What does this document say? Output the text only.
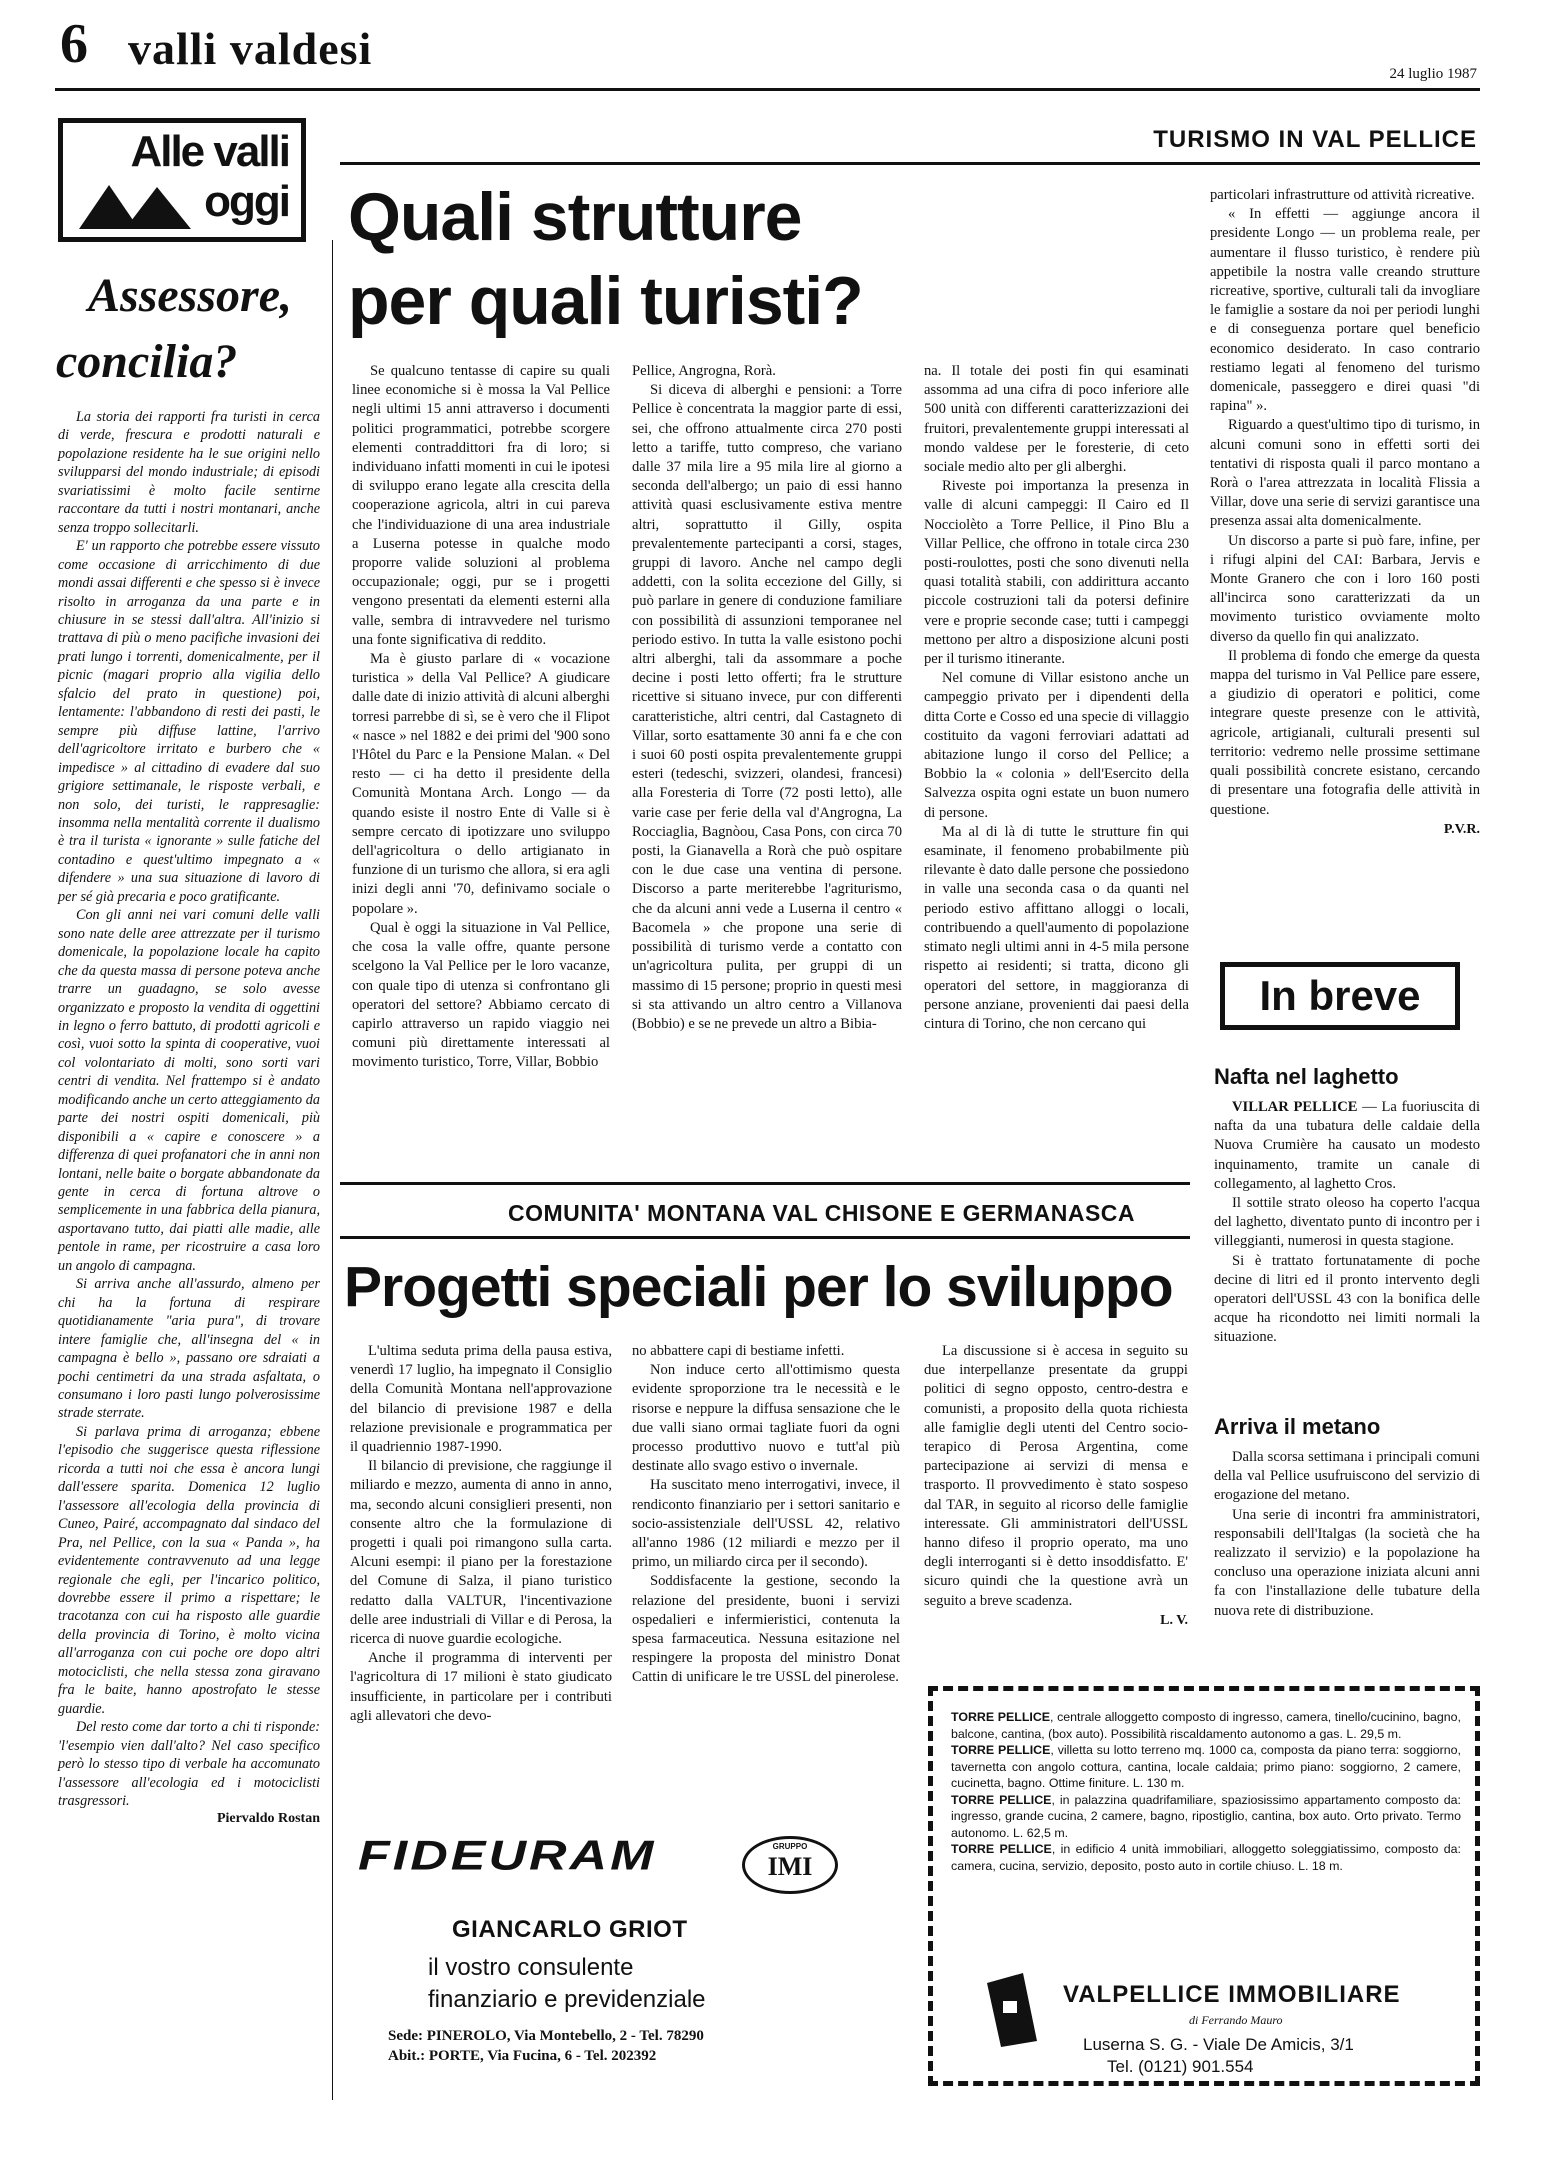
6 valli valdesi	24 luglio 1987
Alle valli
oggi
Assessore,
concilia?

La storia dei rapporti fra turisti in cerca di verde, frescura e prodotti naturali e popolazione residente ha le sue origini nello svilupparsi del mondo industriale; di episodi svariatissimi è molto facile sentirne raccontare da tutti i nostri montanari, anche senza troppo sollecitarli.

E' un rapporto che potrebbe essere vissuto come occasione di arricchimento di due mondi assai differenti e che spesso si è invece risolto in arroganza da una parte e in chiusure in se stessi dall'altra. All'inizio si trattava di più o meno pacifiche invasioni dei prati lungo i torrenti, domenicalmente, per il picnic (magari proprio alla vigilia dello sfalcio del prato in questione) poi, lentamente: l'abbandono di resti dei pasti, le sempre più diffuse lattine, l'arrivo dell'agricoltore irritato e burbero che « impedisce » al cittadino di evadere dal suo grigiore settimanale, le risposte verbali, e non solo, dei turisti, le rappresaglie: insomma nella mentalità corrente il dualismo è tra il turista « ignorante » sulle fatiche del contadino e quest'ultimo impegnato a « difendere » una sua situazione di lavoro di per sé già precaria e poco gratificante.

Con gli anni nei vari comuni delle valli sono nate delle aree attrezzate per il turismo domenicale, la popolazione locale ha capito che da questa massa di persone poteva anche trarre un guadagno, se solo avesse organizzato e proposto la vendita di oggettini in legno o ferro battuto, di prodotti agricoli e così, vuoi sotto la spinta di cooperative, vuoi col volontariato di molti, sono sorti vari centri di vendita. Nel frattempo si è andato modificando anche un certo atteggiamento da parte dei nostri ospiti domenicali, più disponibili a « capire e conoscere » a differenza di quei profanatori che in anni non lontani, nelle baite o borgate abbandonate da gente in cerca di fortuna altrove o semplicemente in una fabbrica della pianura, asportavano tutto, dai piatti alle madie, alle pentole in rame, per ricostruire a casa loro un angolo di campagna.

Si arriva anche all'assurdo, almeno per chi ha la fortuna di respirare quotidianamente "aria pura", di trovare intere famiglie che, all'insegna del « in campagna è bello », passano ore sdraiati a pochi centimetri da una strada asfaltata, o consumano i loro pasti lungo polverosissime strade sterrate.

Si parlava prima di arroganza; ebbene l'episodio che suggerisce questa riflessione ricorda a tutti noi che essa è ancora lungi dall'essere sparita. Domenica 12 luglio l'assessore all'ecologia della provincia di Cuneo, Pairé, accompagnato dal sindaco del Pra, nel Pellice, con la sua « Panda », ha evidentemente contravvenuto ad una legge regionale che egli, per l'incarico politico, dovrebbe essere il primo a rispettare; le tracotanza con cui ha risposto alle guardie della provincia di Torino, è molto vicina all'arroganza con cui poche ore dopo altri motociclisti, che nella stessa zona giravano fra le baite, hanno apostrofato le stesse guardie.

Del resto come dar torto a chi ti risponde: 'l'esempio vien dall'alto? Nel caso specifico però lo stesso tipo di verbale ha accomunato l'assessore all'ecologia ed i motociclisti trasgressori.

Piervaldo Rostan
TURISMO IN VAL PELLICE
Quali strutture
per quali turisti?

Se qualcuno tentasse di capire su quali linee economiche si è mossa la Val Pellice negli ultimi 15 anni attraverso i documenti politici programmatici, potrebbe scorgere elementi contraddittori fra di loro; si individuano infatti momenti in cui le ipotesi di sviluppo erano legate alla crescita della cooperazione agricola, altri in cui pareva che l'individuazione di una area industriale a Luserna potesse in qualche modo proporre valide soluzioni al problema occupazionale; oggi, pur se i progetti vengono presentati da elementi esterni alla valle, sembra di intravvedere nel turismo una fonte significativa di reddito.

Ma è giusto parlare di « vocazione turistica » della Val Pellice? A giudicare dalle date di inizio attività di alcuni alberghi torresi parrebbe di sì, se è vero che il Flipot « nasce » nel 1882 e dei primi del '900 sono l'Hôtel du Parc e la Pensione Malan. « Del resto — ci ha detto il presidente della Comunità Montana Arch. Longo — da quando esiste il nostro Ente di Valle si è sempre cercato di ipotizzare uno sviluppo dell'agricoltura o dello artigianato in funzione di un turismo che allora, si era agli inizi degli anni '70, definivamo sociale o popolare ».

Qual è oggi la situazione in Val Pellice, che cosa la valle offre, quante persone scelgono la Val Pellice per le loro vacanze, con quale tipo di utenza si confrontano gli operatori del settore? Abbiamo cercato di capirlo attraverso un rapido viaggio nei comuni più direttamente interessati al movimento turistico, Torre, Villar, Bobbio

Pellice, Angrogna, Rorà.

Si diceva di alberghi e pensioni: a Torre Pellice è concentrata la maggior parte di essi, sei, che offrono attualmente circa 270 posti letto a tariffe, tutto compreso, che variano dalle 37 mila lire a 95 mila lire al giorno a seconda dell'albergo; un paio di essi hanno attività quasi esclusivamente estiva mentre altri, soprattutto il Gilly, ospita prevalentemente partecipanti a corsi, stages, gruppi di lavoro. Anche nel campo degli addetti, con la solita eccezione del Gilly, si può parlare in genere di conduzione familiare con possibilità di assunzioni temporanee nel periodo estivo. In tutta la valle esistono pochi altri alberghi, tali da assommare a poche decine i posti letto offerti; fra le strutture ricettive si situano invece, pur con differenti caratteristiche, altri centri, dal Castagneto di Villar, sorto esattamente 30 anni fa e che con i suoi 60 posti ospita prevalentemente gruppi esteri (tedeschi, svizzeri, olandesi, francesi) alla Foresteria di Torre (72 posti letto), alle varie case per ferie della val d'Angrogna, La Rocciaglia, Bagnòou, Casa Pons, con circa 70 posti, la Gianavella a Rorà che può ospitare con le due case una ventina di persone. Discorso a parte meriterebbe l'agriturismo, che da alcuni anni vede a Luserna il centro « Bacomela » che propone una serie di possibilità di turismo verde a contatto con un'agricoltura pulita, per gruppi di un massimo di 15 persone; proprio in questi mesi si sta attivando un altro centro a Villanova (Bobbio) e se ne prevede un altro a Bibia-

na. Il totale dei posti fin qui esaminati assomma ad una cifra di poco inferiore alle 500 unità con differenti caratterizzazioni dei fruitori, prevalentemente gruppi interessati al mondo valdese per le foresterie, di ceto sociale medio alto per gli alberghi.

Riveste poi importanza la presenza in valle di alcuni campeggi: Il Cairo ed Il Nocciolèto a Torre Pellice, il Pino Blu a Villar Pellice, che offrono in totale circa 230 posti-roulottes, posti che sono divenuti nella quasi totalità stabili, con addirittura accanto piccole costruzioni tali da potersi definire vere e proprie seconde case; tutti i campeggi mettono per altro a disposizione alcuni posti per il turismo itinerante.

Nel comune di Villar esistono anche un campeggio privato per i dipendenti della ditta Corte e Cosso ed una specie di villaggio costituito da vagoni ferroviari adattati ad abitazione lungo il corso del Pellice; a Bobbio la « colonia » dell'Esercito della Salvezza ospita ogni estate un buon numero di persone.

Ma al di là di tutte le strutture fin qui esaminate, il fenomeno probabilmente più rilevante è dato dalle persone che possiedono in valle una seconda casa o da quanti nel periodo estivo affittano alloggi o locali, contribuendo a quell'aumento di popolazione stimato negli ultimi anni in 4-5 mila persone rispetto ai residenti; si tratta, dicono gli operatori del settore, in maggioranza di persone anziane, provenienti dai paesi della cintura di Torino, che non cercano qui

particolari infrastrutture od attività ricreative.

« In effetti — aggiunge ancora il presidente Longo — un problema reale, per aumentare il flusso turistico, è rendere più appetibile la nostra valle creando strutture ricreative, sportive, culturali tali da invogliare le famiglie a sostare da noi per periodi lunghi e di conseguenza portare quel beneficio economico desiderato. In caso contrario restiamo legati al fenomeno del turismo domenicale, passeggero e direi quasi "di rapina" ».

Riguardo a quest'ultimo tipo di turismo, in alcuni comuni sono in effetti sorti dei tentativi di risposta quali il parco montano a Rorà o l'area attrezzata in località Flissia a Villar, dove una serie di servizi garantisce una presenza assai alta domenicalmente.

Un discorso a parte si può fare, infine, per i rifugi alpini del CAI: Barbara, Jervis e Monte Granero che con i loro 160 posti all'incirca sono caratterizzati da un movimento turistico ovviamente molto diverso da quello fin qui analizzato.

Il problema di fondo che emerge da questa mappa del turismo in Val Pellice pare essere, a giudizio di operatori e politici, come integrare queste presenze con le attività, agricole, artigianali, culturali presenti sul territorio: vedremo nelle prossime settimane quali possibilità concrete esistano, cercando di presentare una fotografia delle attività in questione.

P.V.R.
In breve
Nafta nel laghetto

VILLAR PELLICE — La fuoriuscita di nafta da una tubatura delle caldaie della Nuova Crumière ha causato un modesto inquinamento, tramite un canale di collegamento, al laghetto Cros.

Il sottile strato oleoso ha coperto l'acqua del laghetto, diventato punto di incontro per i villeggianti, numerosi in questa stagione.

Si è trattato fortunatamente di poche decine di litri ed il pronto intervento degli operatori dell'USSL 43 con la bonifica delle acque ha ricondotto nei limiti normali la situazione.

Arriva il metano

Dalla scorsa settimana i principali comuni della val Pellice usufruiscono del servizio di erogazione del metano.

Una serie di incontri fra amministratori, responsabili dell'Italgas (la società che ha realizzato il servizio) e la popolazione ha concluso una operazione iniziata alcuni anni fa con l'installazione delle tubature della nuova rete di distribuzione.

COMUNITA' MONTANA VAL CHISONE E GERMANASCA
Progetti speciali per lo sviluppo

L'ultima seduta prima della pausa estiva, venerdì 17 luglio, ha impegnato il Consiglio della Comunità Montana nell'approvazione del bilancio di previsione 1987 e della relazione previsionale e programmatica per il quadriennio 1987-1990.

Il bilancio di previsione, che raggiunge il miliardo e mezzo, aumenta di anno in anno, ma, secondo alcuni consiglieri presenti, non consente altro che la formulazione di progetti i quali poi rimangono sulla carta. Alcuni esempi: il piano per la forestazione del Comune di Salza, il piano turistico redatto dalla VALTUR, l'incentivazione delle aree industriali di Villar e di Perosa, la ricerca di nuove guardie ecologiche.

Anche il programma di interventi per l'agricoltura di 17 milioni è stato giudicato insufficiente, in particolare per i contributi agli allevatori che devo-

no abbattere capi di bestiame infetti.

Non induce certo all'ottimismo questa evidente sproporzione tra le necessità e le risorse e neppure la diffusa sensazione che le due valli siano ormai tagliate fuori da ogni processo produttivo nuovo e tutt'al più destinate allo svago estivo o invernale.

Ha suscitato meno interrogativi, invece, il rendiconto finanziario per i settori sanitario e socio-assistenziale dell'USSL 42, relativo all'anno 1986 (12 miliardi e mezzo per il primo, un miliardo circa per il secondo).

Soddisfacente la gestione, secondo la relazione del presidente, buoni i servizi ospedalieri e infermieristici, contenuta la spesa farmaceutica. Nessuna esitazione nel respingere la proposta del ministro Donat Cattin di unificare le tre USSL del pinerolese.

La discussione si è accesa in seguito su due interpellanze presentate da gruppi politici di segno opposto, centro-destra e comunisti, a proposito della quota richiesta alle famiglie degli utenti del Centro socio-terapico di Perosa Argentina, come partecipazione ai servizi di mensa e trasporto. Il provvedimento è stato sospeso dal TAR, in seguito al ricorso delle famiglie interessate. Gli amministratori dell'USSL hanno difeso il proprio operato, ma uno degli interroganti si è detto insoddisfatto. E' sicuro quindi che la questione avrà un seguito a breve scadenza.

L. V.
FIDEURAM	GRUPPO
IMI
GIANCARLO GRIOT
il vostro consulente
finanziario e previdenziale
Sede: PINEROLO, Via Montebello, 2 - Tel. 78290
Abit.: PORTE, Via Fucina, 6 - Tel. 202392
TORRE PELLICE, centrale alloggetto composto di ingresso, camera, tinello/cucinino, bagno, balcone, cantina, (box auto). Possibilità riscaldamento autonomo a gas. L. 29,5 m.
TORRE PELLICE, villetta su lotto terreno mq. 1000 ca, composta da piano terra: soggiorno, tavernetta con angolo cottura, cantina, locale caldaia; primo piano: soggiorno, 2 camere, cucinetta, bagno. Ottime finiture. L. 130 m.
TORRE PELLICE, in palazzina quadrifamiliare, spaziosissimo appartamento composto da: ingresso, grande cucina, 2 camere, bagno, ripostiglio, cantina, box auto. Orto privato. Termo autonomo. L. 62,5 m.
TORRE PELLICE, in edificio 4 unità immobiliari, alloggetto soleggiatissimo, composto da: camera, cucina, servizio, deposito, posto auto in cortile chiuso. L. 18 m.
VALPELLICE IMMOBILIARE
di Ferrando Mauro
Luserna S. G. - Viale De Amicis, 3/1
Tel. (0121) 901.554
